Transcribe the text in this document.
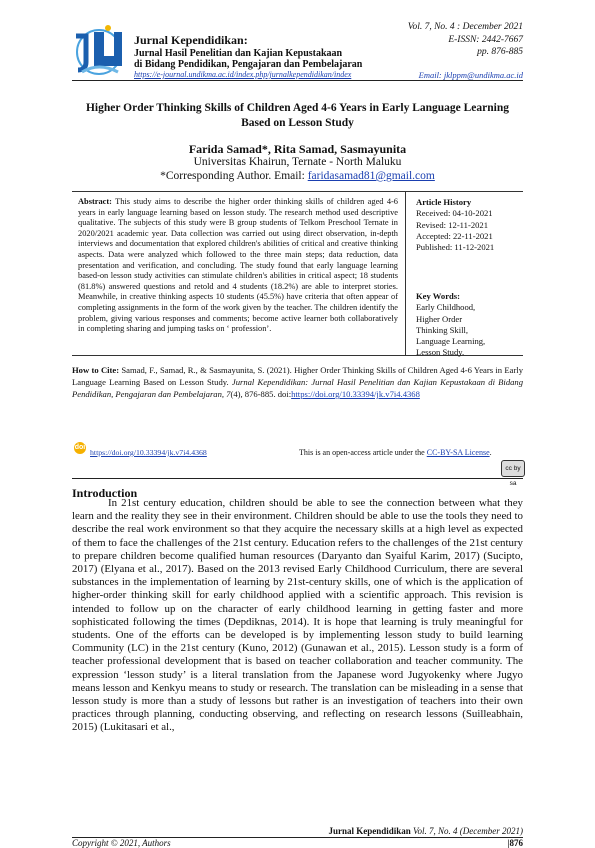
Jurnal Kependidikan:
Jurnal Hasil Penelitian dan Kajian Kepustakaan
di Bidang Pendidikan, Pengajaran dan Pembelajaran
https://e-journal.undikma.ac.id/index.php/jurnalkependidikan/index
Vol. 7, No. 4 : December 2021
E-ISSN: 2442-7667
pp. 876-885
Email: jklppm@undikma.ac.id
Higher Order Thinking Skills of Children Aged 4-6 Years in Early Language Learning Based on Lesson Study
Farida Samad*, Rita Samad, Sasmayunita
Universitas Khairun, Ternate - North Maluku
*Corresponding Author. Email: faridasamad81@gmail.com
Abstract: This study aims to describe the higher order thinking skills of children aged 4-6 years in early language learning based on lesson study. The research method used descriptive qualitative. The subjects of this study were B group students of Telkom Preschool Ternate in 2020/2021 academic year. Data collection was carried out using direct observation, in-depth interviews and documentation that explored children's abilities of critical and creative thinking aspects. Data were analyzed which followed to the three main steps; data reduction, data presentation and verification, and concluding. The study found that early language learning based-on lesson study activities can stimulate children's abilities in critical aspect; 18 students (81.8%) answered questions and retold and 4 students (18.2%) are able to interpret stories. Meanwhile, in creative thinking aspects 10 students (45.5%) have criteria that often appear of completing assignments in the form of the work given by the teacher. The children identify the problem, giving various responses and comments; become active learner both collaboratively in completing sharing and jumping tasks on ‘ profession’.
Article History
Received: 04-10-2021
Revised: 12-11-2021
Accepted: 22-11-2021
Published: 11-12-2021
Key Words:
Early Childhood,
Higher Order
Thinking Skill,
Language Learning,
Lesson Study.
How to Cite: Samad, F., Samad, R., & Sasmayunita, S. (2021). Higher Order Thinking Skills of Children Aged 4-6 Years in Early Language Learning Based on Lesson Study. Jurnal Kependidikan: Jurnal Hasil Penelitian dan Kajian Kepustakaan di Bidang Pendidikan, Pengajaran dan Pembelajaran, 7(4), 876-885. doi:https://doi.org/10.33394/jk.v7i4.4368
doi
https://doi.org/10.33394/jk.v7i4.4368	This is an open-access article under the CC-BY-SA License.
cc by sa
Introduction
In 21st century education, children should be able to see the connection between what they learn and the reality they see in their environment. Children should be able to use the tools they need to describe the real work environment so that they acquire the necessary skills at a high level as expected of them to face the challenges of the 21st century. Education refers to the challenges of the 21st century to prepare children become qualified human resources (Daryanto dan Syaiful Karim, 2017) (Sucipto, 2017) (Elyana et al., 2017). Based on the 2013 revised Early Childhood Curriculum, there are several substances in the implementation of learning by 21st-century skills, one of which is the application of higher-order thinking skill for early childhood applied with a scientific approach. This revision is intended to follow up on the character of early childhood learning in getting faster and more sophisticated following the times (Depdiknas, 2014). It is hope that learning is truly meaningful for students. One of the efforts can be developed is by implementing lesson study to build learning Community (LC) in the 21st century (Kuno, 2012) (Gunawan et al., 2015). Lesson study is a form of teacher professional development that is based on teacher collaboration and teacher community. The expression ‘lesson study’ is a literal translation from the Japanese word Jugyokenky where Jugyo means lesson and Kenkyu means to study or research. The translation can be misleading in a sense that lesson study is more than a study of lessons but rather is an investigation of teachers into their own practices through planning, conducting observing, and reflecting on research lessons (Suilleabhain, 2015) (Lukitasari et al.,
Jurnal Kependidikan Vol. 7, No. 4 (December 2021)
Copyright © 2021, Authors	|876
